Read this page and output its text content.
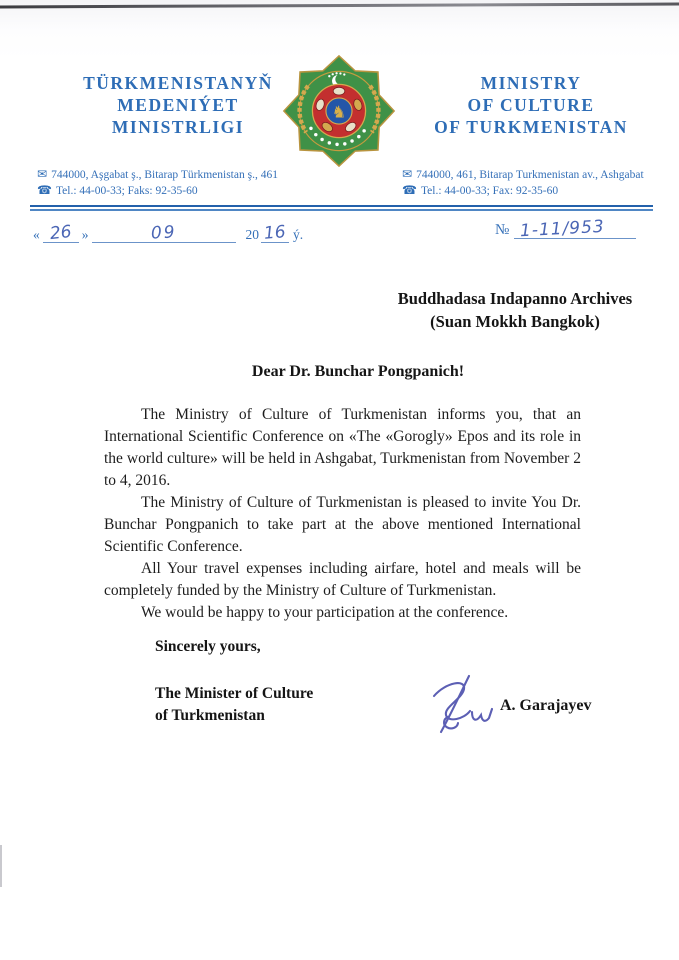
TÜRKMENISTANYŇ
MEDENIÝET
MINISTRLIGI
♞
MINISTRY
OF CULTURE
OF TURKMENISTAN
✉ 744000, Aşgabat ş., Bitarap Türkmenistan ş., 461
☎ Tel.: 44-00-33; Faks: 92-35-60
✉ 744000, 461, Bitarap Turkmenistan av., Ashgabat
☎ Tel.: 44-00-33; Fax: 92-35-60
« 26 »	09	20 16 ý.	№ 1-11/953
Buddhadasa Indapanno Archives
(Suan Mokkh Bangkok)
Dear Dr. Bunchar Pongpanich!

The Ministry of Culture of Turkmenistan informs you, that an International Scientific Conference on «The «Gorogly» Epos and its role in the world culture» will be held in Ashgabat, Turkmenistan from November 2 to 4, 2016.

The Ministry of Culture of Turkmenistan is pleased to invite You Dr. Bunchar Pongpanich to take part at the above mentioned International Scientific Conference.

All Your travel expenses including airfare, hotel and meals will be completely funded by the Ministry of Culture of Turkmenistan.

We would be happy to your participation at the conference.

Sincerely yours,
The Minister of Culture
of Turkmenistan
A. Garajayev
